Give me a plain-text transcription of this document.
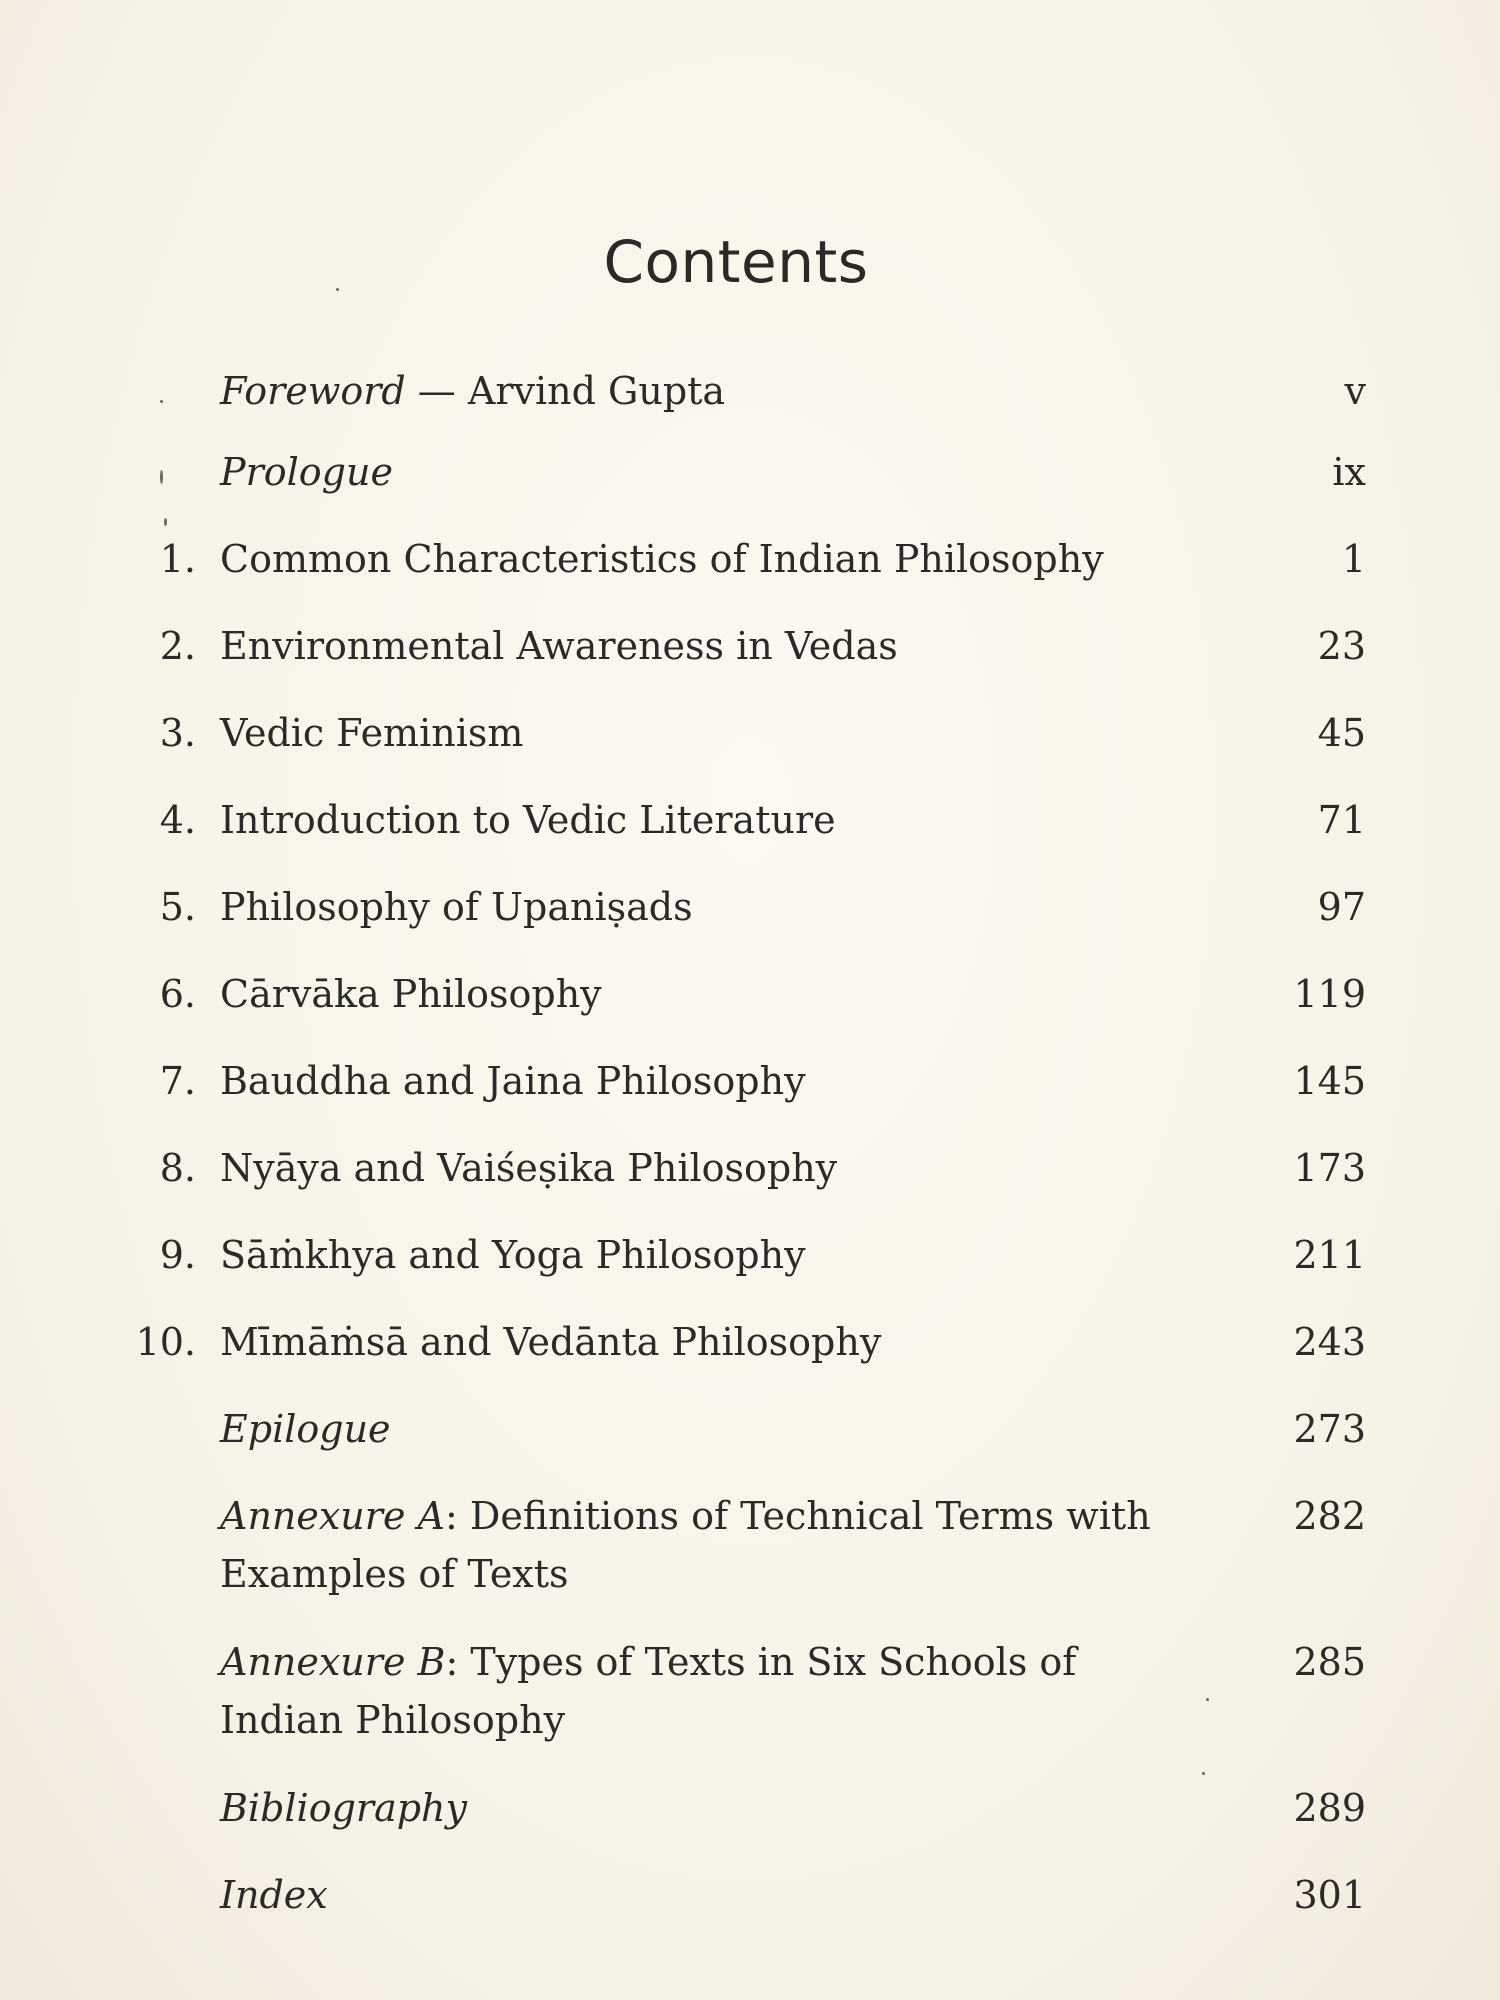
Contents
Foreword — Arvind Gupta	v
Prologue	ix
1. Common Characteristics of Indian Philosophy	1
2. Environmental Awareness in Vedas	23
3. Vedic Feminism	45
4. Introduction to Vedic Literature	71
5. Philosophy of Upaniṣads	97
6. Cārvāka Philosophy	119
7. Bauddha and Jaina Philosophy	145
8. Nyāya and Vaiśeṣika Philosophy	173
9. Sāṁkhya and Yoga Philosophy	211
10. Mīmāṁsā and Vedānta Philosophy	243
Epilogue	273
Annexure A: Definitions of Technical Terms with	282
Examples of Texts
Annexure B: Types of Texts in Six Schools of	285
Indian Philosophy
Bibliography	289
Index	301
